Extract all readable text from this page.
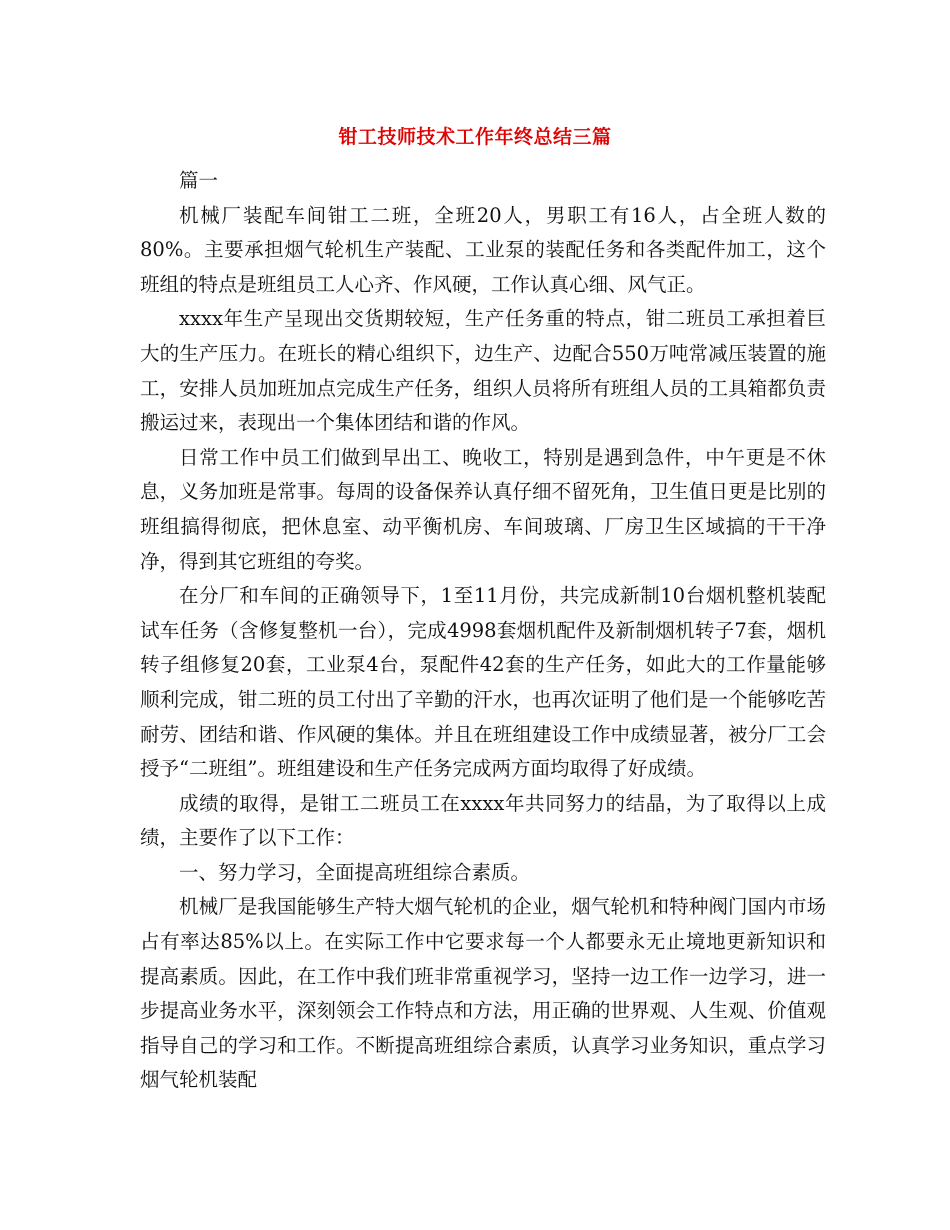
钳工技师技术工作年终总结三篇

篇一

机械厂装配车间钳工二班，全班20人，男职工有16人，占全班人数的80%。主要承担烟气轮机生产装配、工业泵的装配任务和各类配件加工，这个班组的特点是班组员工人心齐、作风硬，工作认真心细、风气正。

xxxx年生产呈现出交货期较短，生产任务重的特点，钳二班员工承担着巨大的生产压力。在班长的精心组织下，边生产、边配合550万吨常减压装置的施工，安排人员加班加点完成生产任务，组织人员将所有班组人员的工具箱都负责搬运过来，表现出一个集体团结和谐的作风。

日常工作中员工们做到早出工、晚收工，特别是遇到急件，中午更是不休息，义务加班是常事。每周的设备保养认真仔细不留死角，卫生值日更是比别的班组搞得彻底，把休息室、动平衡机房、车间玻璃、厂房卫生区域搞的干干净净，得到其它班组的夸奖。

在分厂和车间的正确领导下，1至11月份，共完成新制10台烟机整机装配试车任务（含修复整机一台），完成4998套烟机配件及新制烟机转子7套，烟机转子组修复20套，工业泵4台，泵配件42套的生产任务，如此大的工作量能够顺利完成，钳二班的员工付出了辛勤的汗水，也再次证明了他们是一个能够吃苦耐劳、团结和谐、作风硬的集体。并且在班组建设工作中成绩显著，被分厂工会授予“二班组”。班组建设和生产任务完成两方面均取得了好成绩。

成绩的取得，是钳工二班员工在xxxx年共同努力的结晶，为了取得以上成绩，主要作了以下工作：

一、努力学习，全面提高班组综合素质。

机械厂是我国能够生产特大烟气轮机的企业，烟气轮机和特种阀门国内市场占有率达85%以上。在实际工作中它要求每一个人都要永无止境地更新知识和提高素质。因此，在工作中我们班非常重视学习，坚持一边工作一边学习，进一步提高业务水平，深刻领会工作特点和方法，用正确的世界观、人生观、价值观指导自己的学习和工作。不断提高班组综合素质，认真学习业务知识，重点学习烟气轮机装配
